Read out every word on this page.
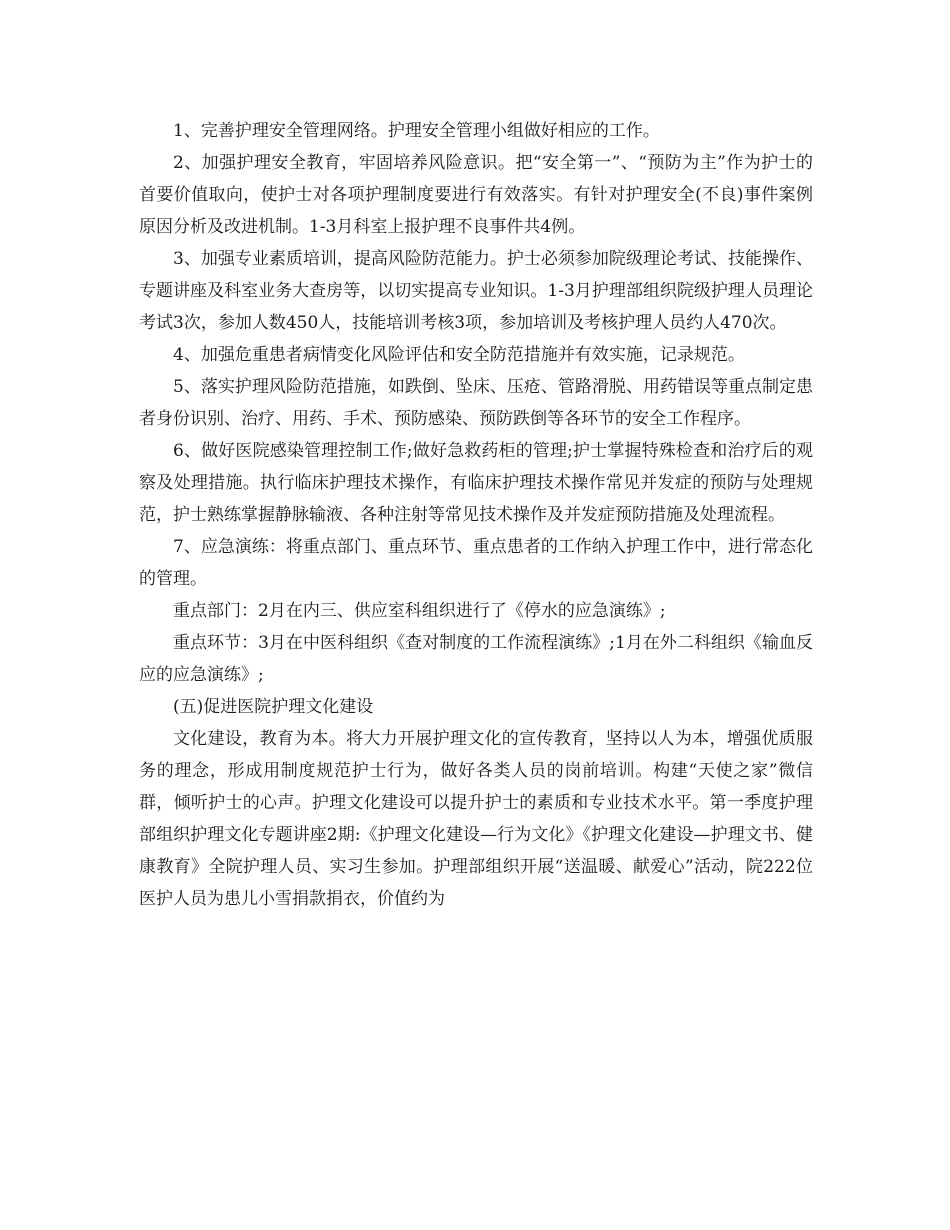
1、完善护理安全管理网络。护理安全管理小组做好相应的工作。

2、加强护理安全教育，牢固培养风险意识。把“安全第一”、“预防为主”作为护士的首要价值取向，使护士对各项护理制度要进行有效落实。有针对护理安全(不良)事件案例原因分析及改进机制。1-3月科室上报护理不良事件共4例。

3、加强专业素质培训，提高风险防范能力。护士必须参加院级理论考试、技能操作、专题讲座及科室业务大查房等，以切实提高专业知识。1-3月护理部组织院级护理人员理论考试3次，参加人数450人，技能培训考核3项，参加培训及考核护理人员约人470次。

4、加强危重患者病情变化风险评估和安全防范措施并有效实施，记录规范。

5、落实护理风险防范措施，如跌倒、坠床、压疮、管路滑脱、用药错误等重点制定患者身份识别、治疗、用药、手术、预防感染、预防跌倒等各环节的安全工作程序。

6、做好医院感染管理控制工作;做好急救药柜的管理;护士掌握特殊检查和治疗后的观察及处理措施。执行临床护理技术操作，有临床护理技术操作常见并发症的预防与处理规范，护士熟练掌握静脉输液、各种注射等常见技术操作及并发症预防措施及处理流程。

7、应急演练：将重点部门、重点环节、重点患者的工作纳入护理工作中，进行常态化的管理。

重点部门：2月在内三、供应室科组织进行了《停水的应急演练》;

重点环节：3月在中医科组织《查对制度的工作流程演练》;1月在外二科组织《输血反应的应急演练》;

(五)促进医院护理文化建设

文化建设，教育为本。将大力开展护理文化的宣传教育，坚持以人为本，增强优质服务的理念，形成用制度规范护士行为，做好各类人员的岗前培训。构建“天使之家”微信群，倾听护士的心声。护理文化建设可以提升护士的素质和专业技术水平。第一季度护理部组织护理文化专题讲座2期:《护理文化建设—行为文化》《护理文化建设—护理文书、健康教育》全院护理人员、实习生参加。护理部组织开展“送温暖、献爱心”活动，院222位医护人员为患儿小雪捐款捐衣，价值约为
